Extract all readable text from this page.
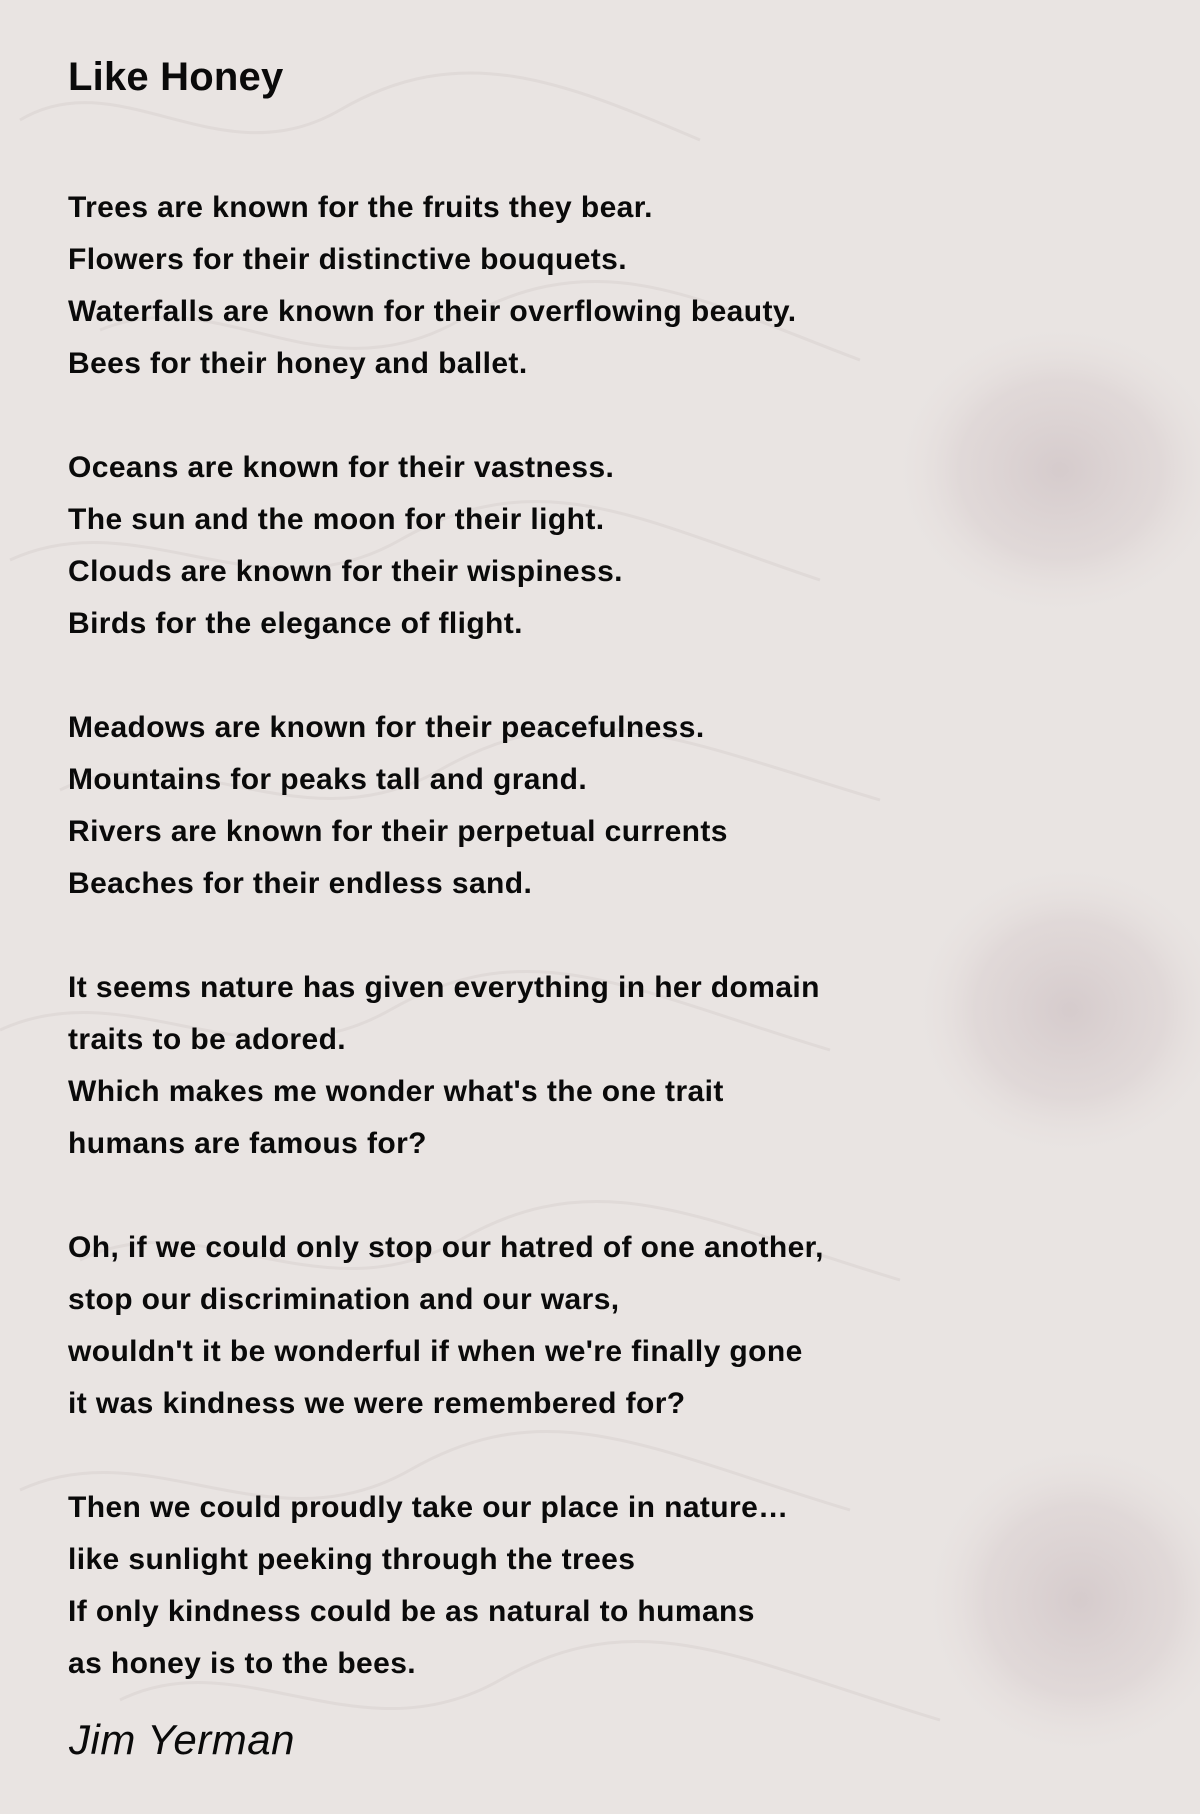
Like Honey
Trees are known for the fruits they bear.
Flowers for their distinctive bouquets.
Waterfalls are known for their overflowing beauty.
Bees for their honey and ballet.
Oceans are known for their vastness.
The sun and the moon for their light.
Clouds are known for their wispiness.
Birds for the elegance of flight.
Meadows are known for their peacefulness.
Mountains for peaks tall and grand.
Rivers are known for their perpetual currents
Beaches for their endless sand.
It seems nature has given everything in her domain
traits to be adored.
Which makes me wonder what's the one trait
humans are famous for?
Oh, if we could only stop our hatred of one another,
stop our discrimination and our wars,
wouldn't it be wonderful if when we're finally gone
it was kindness we were remembered for?
Then we could proudly take our place in nature…
like sunlight peeking through the trees
If only kindness could be as natural to humans
as honey is to the bees.
Jim Yerman
